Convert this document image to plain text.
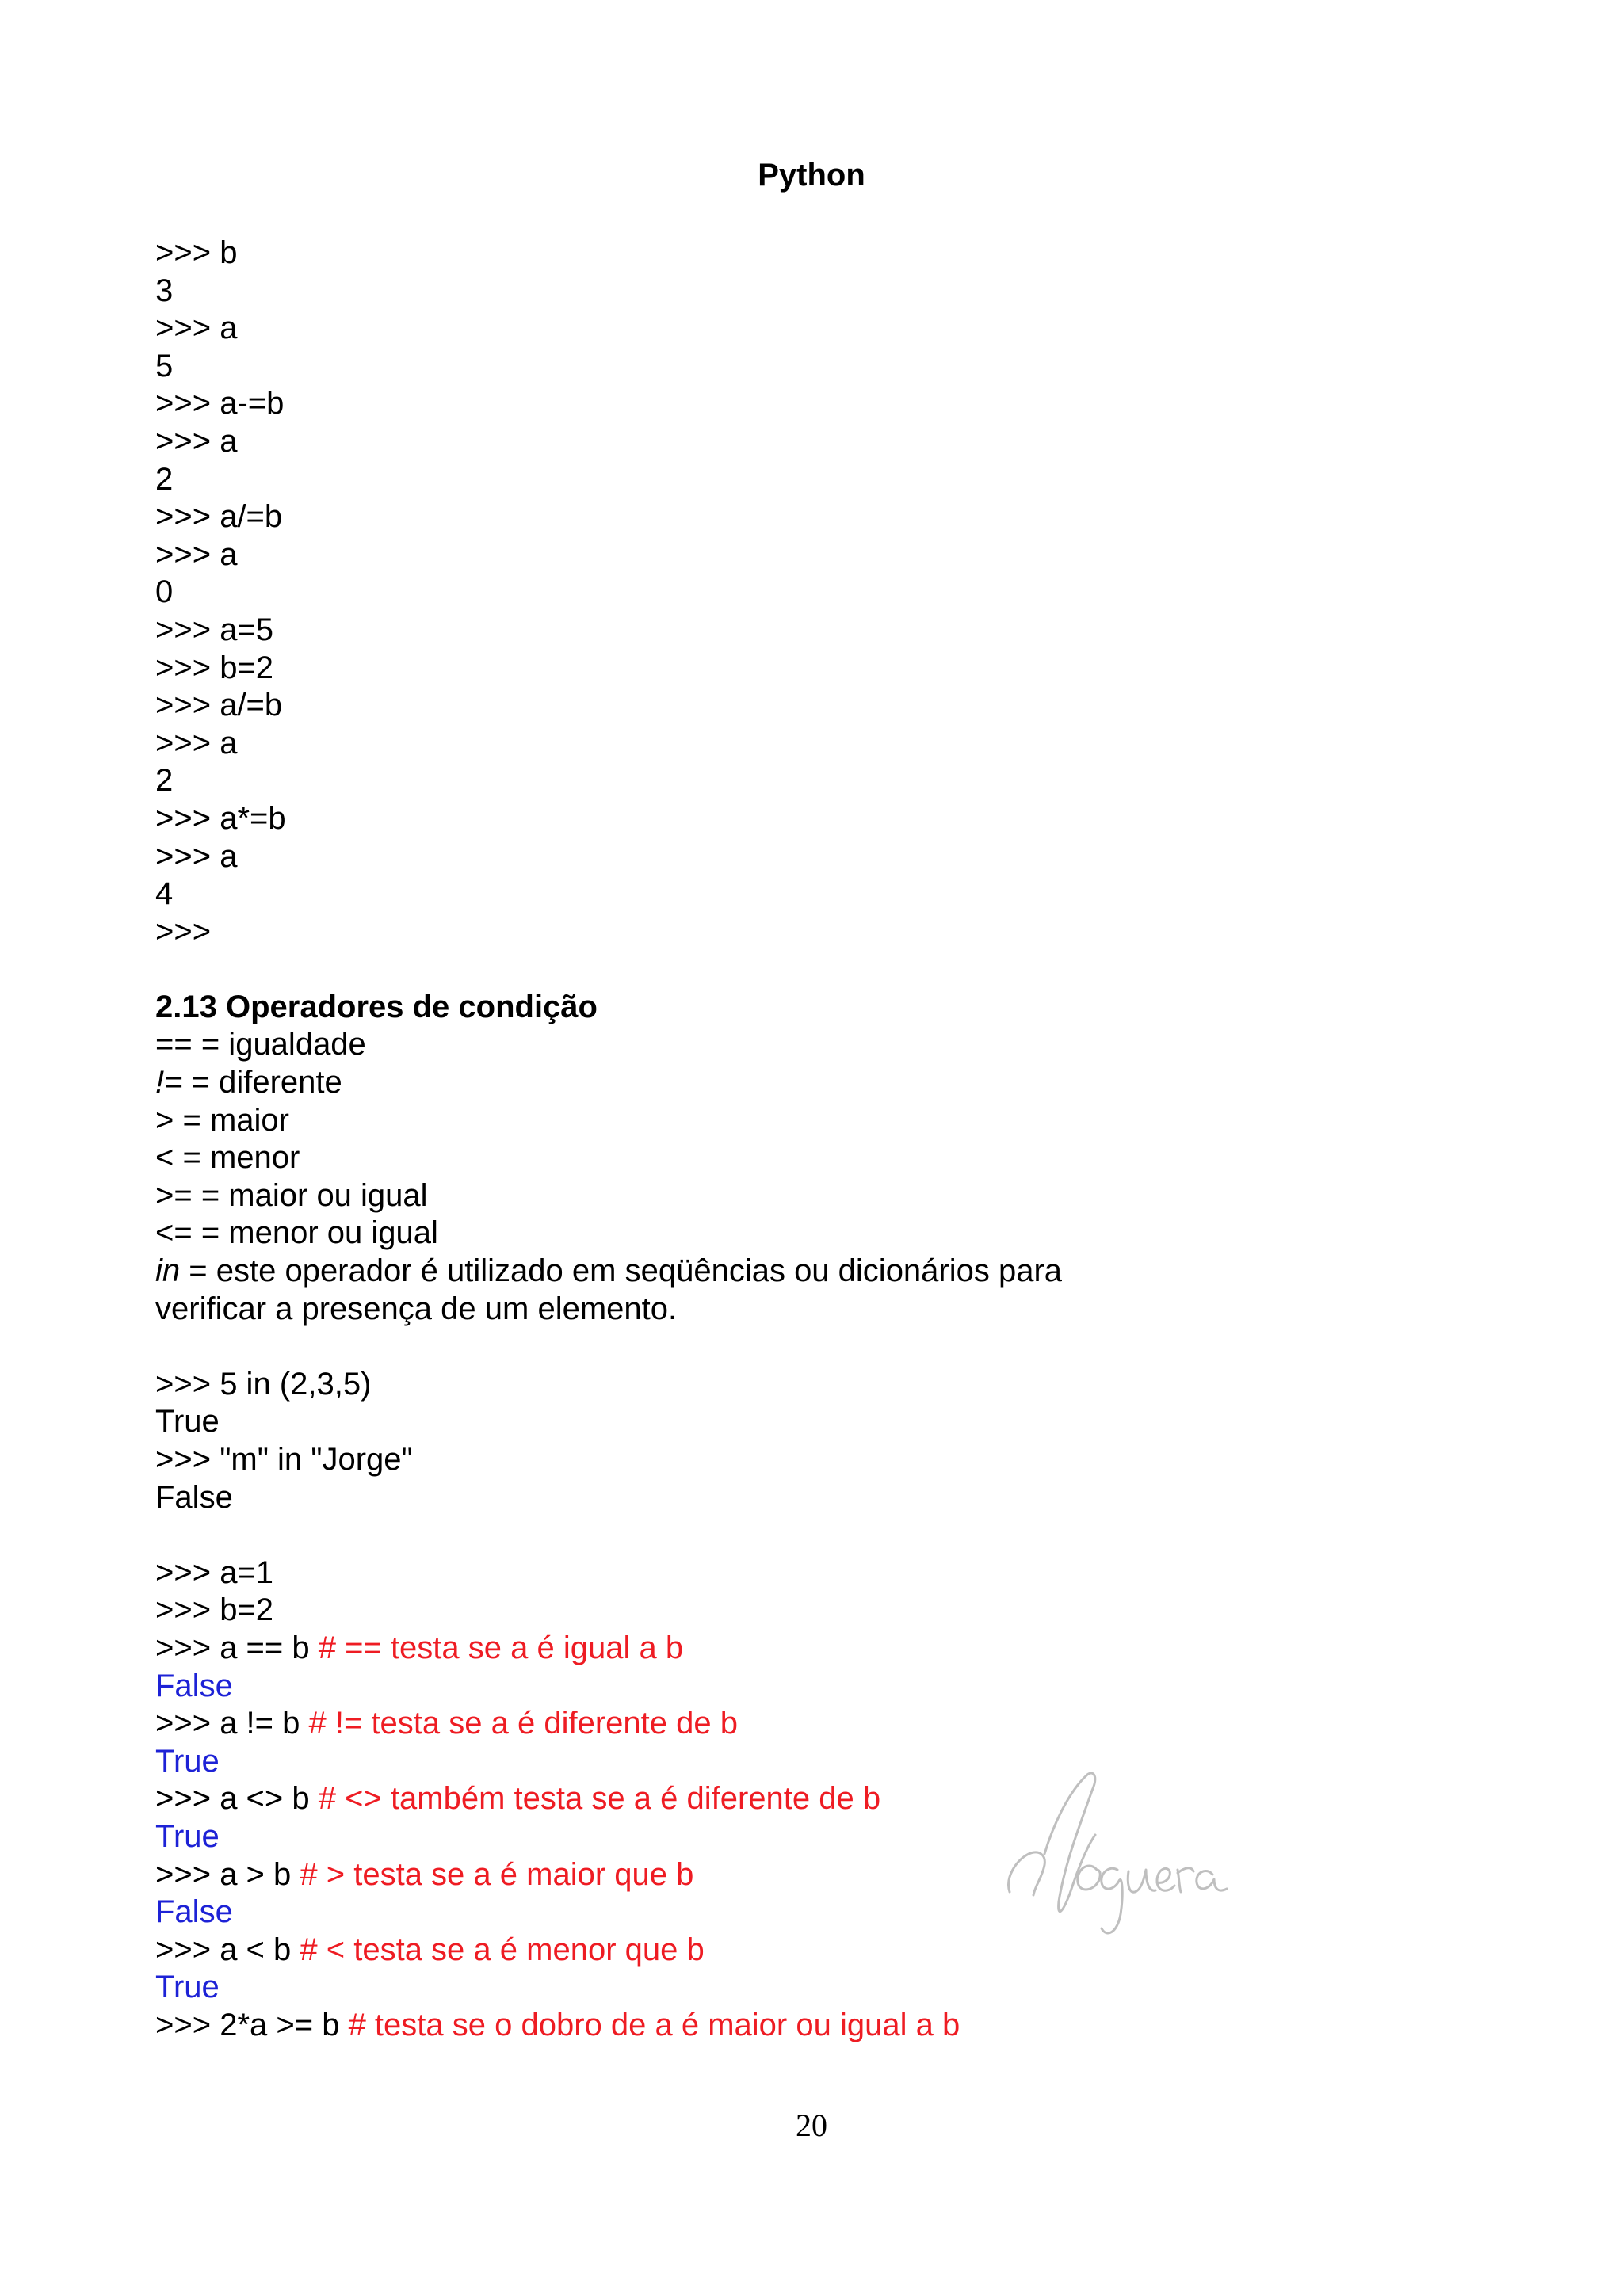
Python
>>> b
3
>>> a
5
>>> a-=b
>>> a
2
>>> a/=b
>>> a
0
>>> a=5
>>> b=2
>>> a/=b
>>> a
2
>>> a*=b
>>> a
4
>>>
2.13 Operadores de condição
== = igualdade
!= = diferente
> = maior
< = menor
>= = maior ou igual
<= = menor ou igual
in = este operador é utilizado em seqüências ou dicionários para
verificar a presença de um elemento.
>>> 5 in (2,3,5)
True
>>> "m" in "Jorge"
False
>>> a=1
>>> b=2
>>> a == b # == testa se a é igual a b
False
>>> a != b # != testa se a é diferente de b
True
>>> a <> b # <> também testa se a é diferente de b
True
>>> a > b # > testa se a é maior que b
False
>>> a < b # < testa se a é menor que b
True
>>> 2*a >= b # testa se o dobro de a é maior ou igual a b
20
